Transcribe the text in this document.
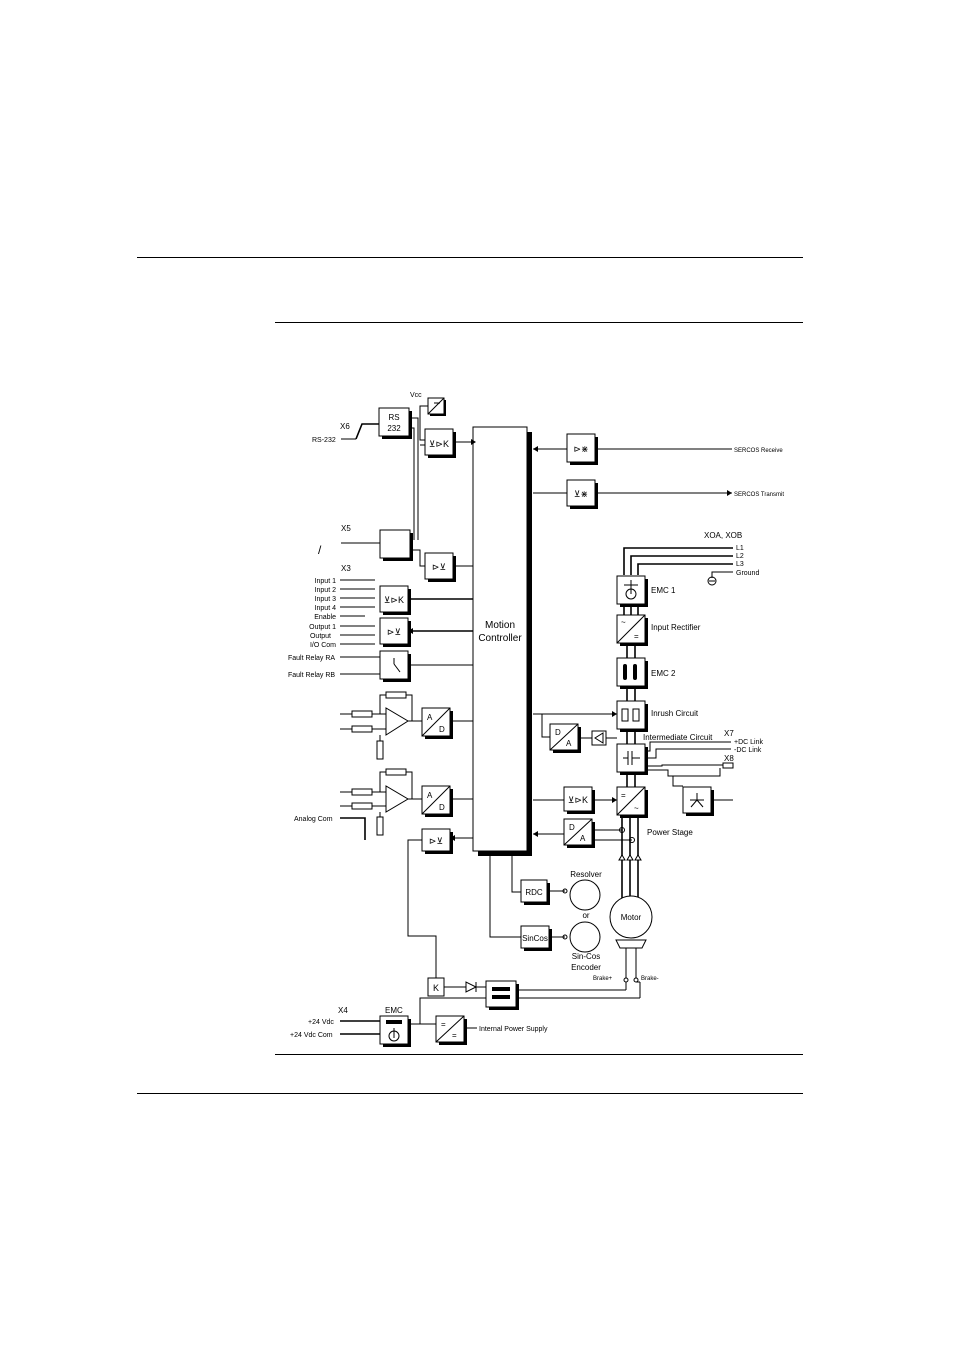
Motion
Controller
X6
RS-232
RS
232
Vcc
⊻⊳K
X5
/
⊳⊻
X3
Input 1
Input 2
Input 3
Input 4
Enable
Output 1
Output
I/O Com
⊻⊳K
⊳⊻
Fault Relay RA
Fault Relay RB
A
D
A
D
Analog Com
⊳⊻
K
X4
+24 Vdc
+24 Vdc Com
EMC
=
=
Internal Power Supply
⊳⋇	SERCOS Receive
⊻⋇	SERCOS Transmit
XOA, XOB
L1
L2
L3
Ground
EMC 1
~
=
Input Rectifier
EMC 2
Inrush Circuit
D
A
Intermediate Circuit X7
+DC Link
-DC Link
X8
=
~
⊻⊳K
D
A
Power Stage
RDC
Resolver
or
SinCos
Sin-Cos
Encoder
Motor
Brake+	Brake-
